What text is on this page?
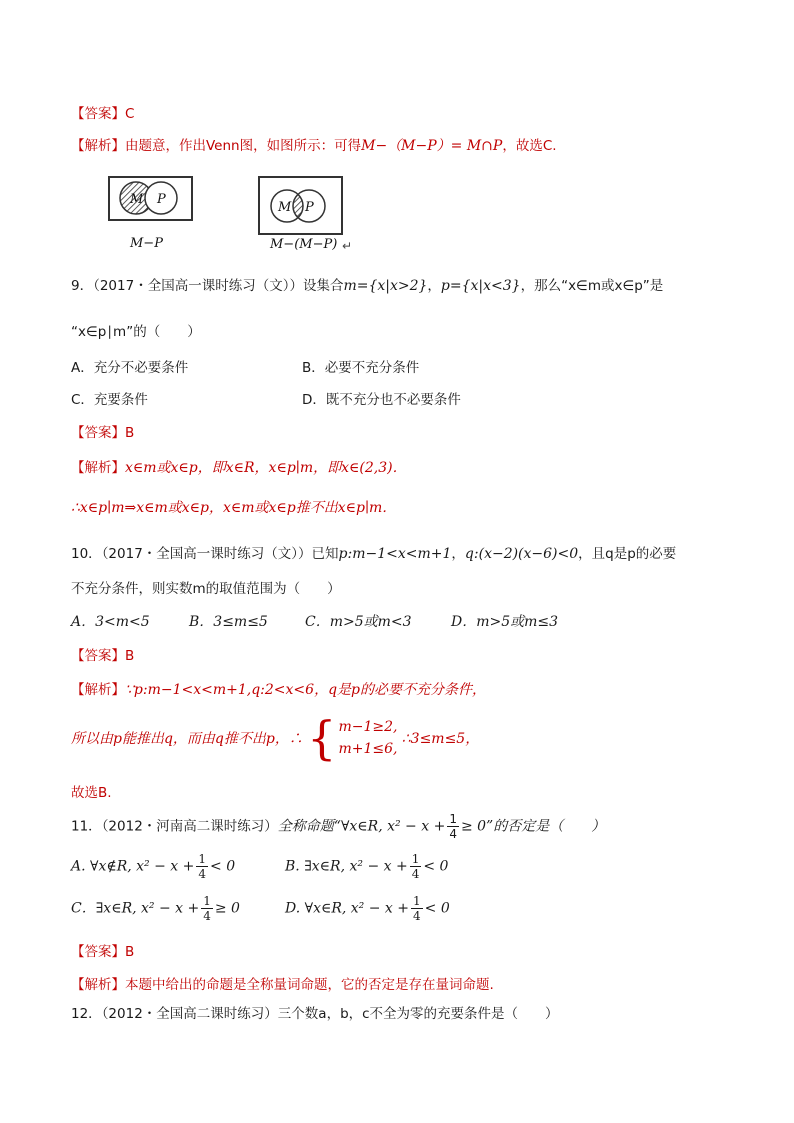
【答案】C
【解析】由题意，作出Venn图，如图所示：可得M−（M−P）= M∩P，故选C.
M P
M−P
M P
M−(M−P) ↵
9．（2017・全国高一课时练习（文））设集合m={x|x>2}，p={x|x<3}，那么“x∈m或x∈p”是
“x∈p∣m”的（　　）
A．充分不必要条件	B．必要不充分条件
C．充要条件	D．既不充分也不必要条件
【答案】B
【解析】x∈m或x∈p，即x∈R，x∈p∣m，即x∈(2,3)．
∴x∈p∣m⇒x∈m或x∈p，x∈m或x∈p推不出x∈p∣m．
10．（2017・全国高一课时练习（文））已知p:m−1<x<m+1，q:(x−2)(x−6)<0，且q是p的必要
不充分条件，则实数m的取值范围为（　　）
A．3<m<5	B．3≤m≤5	C．m>5或m<3	D．m>5或m≤3
【答案】B
【解析】∵p:m−1<x<m+1,q:2<x<6，q是p的必要不充分条件，
所以由p能推出q，而由q推不出p，∴ { m−1≥2,
m+1≤6,
∴3≤m≤5，
故选B.
11．（2012・河南高二课时练习）全称命题“∀x∈R, $x^2 - x + \frac{1}{4} \ge 0$”的否定是（　　）
A. ∀x∉R, $x^2 - x + \frac{1}{4} < 0$	B. ∃x∈R, $x^2 - x + \frac{1}{4} < 0$
C．∃x∈R, $x^2 - x + \frac{1}{4} \ge 0$	D. ∀x∈R, $x^2 - x + \frac{1}{4} < 0$
【答案】B
【解析】本题中给出的命题是全称量词命题，它的否定是存在量词命题.
12．（2012・全国高二课时练习）三个数a，b，c不全为零的充要条件是（　　）
